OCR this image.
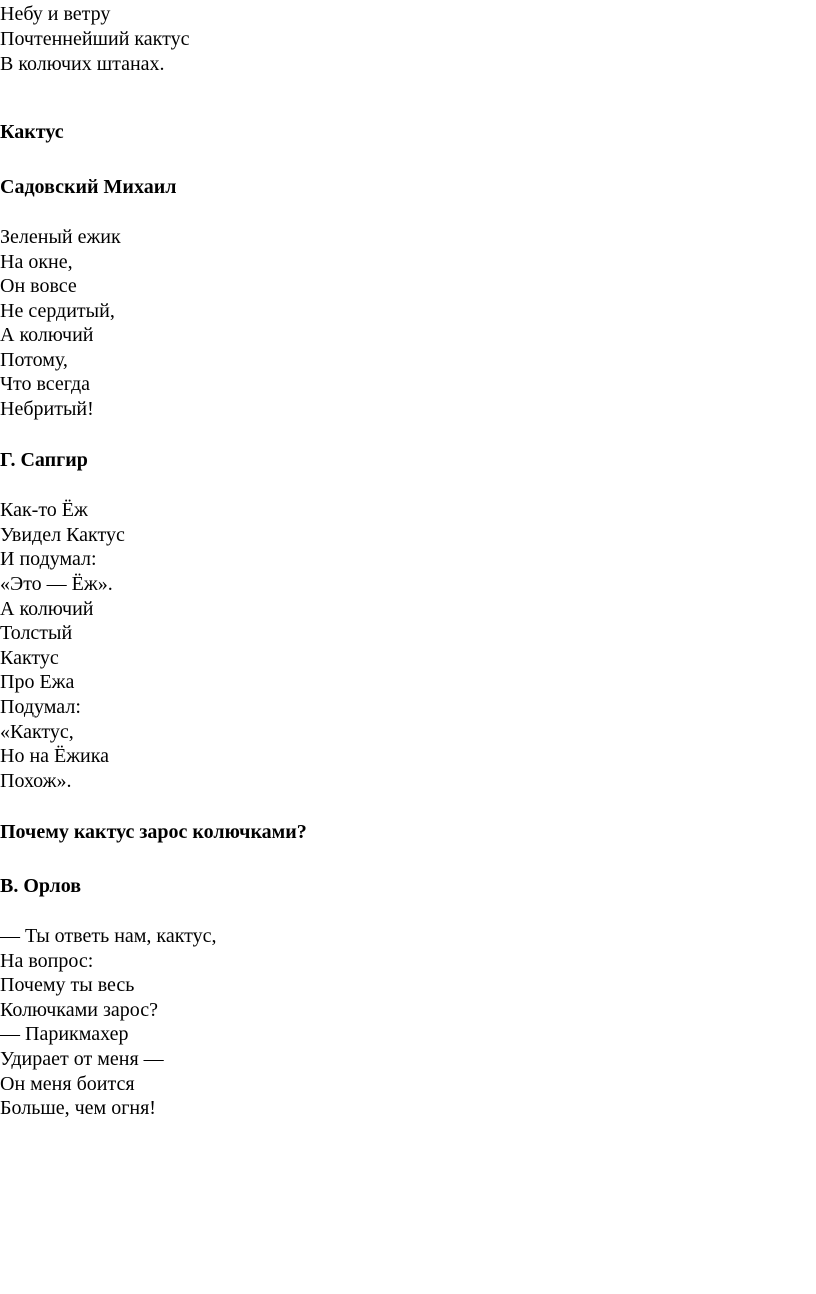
Небу и ветру
Почтеннейший кактус
В колючих штанах.
Кактус
Садовский Михаил
Зеленый ежик
На окне,
Он вовсе
Не сердитый,
А колючий
Потому,
Что всегда
Небритый!
Г. Сапгир
Как-то Ёж
Увидел Кактус
И подумал:
«Это — Ёж».
А колючий
Толстый
Кактус
Про Ежа
Подумал:
«Кактус,
Но на Ёжика
Похож».
Почему кактус зарос колючками?
В. Орлов
— Ты ответь нам, кактус,
На вопрос:
Почему ты весь
Колючками зарос?
— Парикмахер
Удирает от меня —
Он меня боится
Больше, чем огня!
